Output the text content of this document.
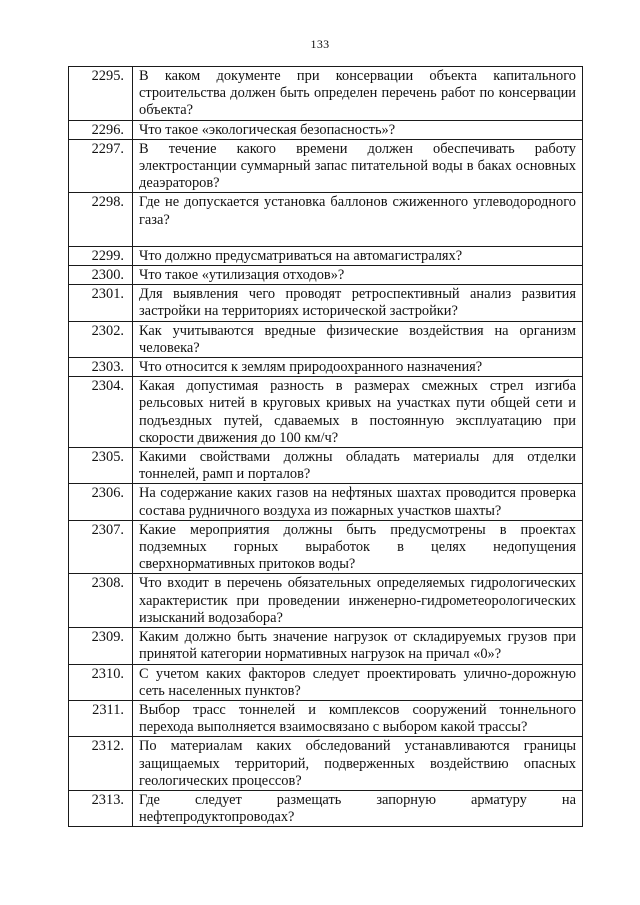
133
2295.	В каком документе при консервации объекта капитального строительства должен быть определен перечень работ по консервации объекта?
2296.	Что такое «экологическая безопасность»?
2297.	В течение какого времени должен обеспечивать работу электростанции суммарный запас питательной воды в баках основных деаэраторов?
2298.	Где не допускается установка баллонов сжиженного углеводородного газа?
2299.	Что должно предусматриваться на автомагистралях?
2300.	Что такое «утилизация отходов»?
2301.	Для выявления чего проводят ретроспективный анализ развития застройки на территориях исторической застройки?
2302.	Как учитываются вредные физические воздействия на организм человека?
2303.	Что относится к землям природоохранного назначения?
2304.	Какая допустимая разность в размерах смежных стрел изгиба рельсовых нитей в круговых кривых на участках пути общей сети и подъездных путей, сдаваемых в постоянную эксплуатацию при скорости движения до 100 км/ч?
2305.	Какими свойствами должны обладать материалы для отделки тоннелей, рамп и порталов?
2306.	На содержание каких газов на нефтяных шахтах проводится проверка состава рудничного воздуха из пожарных участков шахты?
2307.	Какие мероприятия должны быть предусмотрены в проектах подземных горных выработок в целях недопущения сверхнормативных притоков воды?
2308.	Что входит в перечень обязательных определяемых гидрологических характеристик при проведении инженерно-гидрометеорологических изысканий водозабора?
2309.	Каким должно быть значение нагрузок от складируемых грузов при принятой категории нормативных нагрузок на причал «0»?
2310.	С учетом каких факторов следует проектировать улично-дорожную сеть населенных пунктов?
2311.	Выбор трасс тоннелей и комплексов сооружений тоннельного перехода выполняется взаимосвязано с выбором какой трассы?
2312.	По материалам каких обследований устанавливаются границы защищаемых территорий, подверженных воздействию опасных геологических процессов?
2313.	Где следует размещать запорную арматуру на нефтепродуктопроводах?
